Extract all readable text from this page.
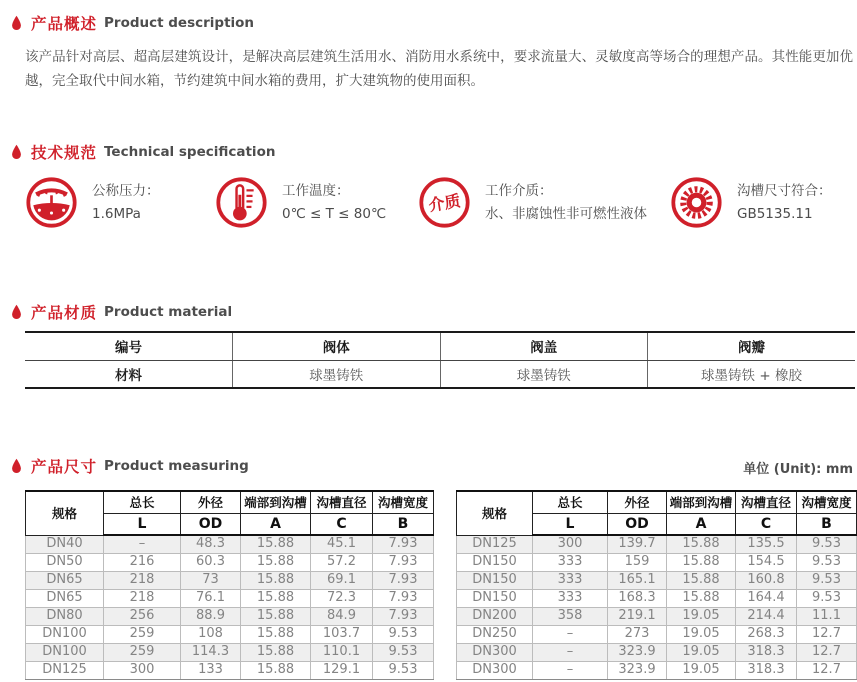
产品概述 Product description

该产品针对高层、超高层建筑设计，是解决高层建筑生活用水、消防用水系统中，要求流量大、灵敏度高等场合的理想产品。其性能更加优越，完全取代中间水箱，节约建筑中间水箱的费用，扩大建筑物的使用面积。

技术规范 Technical specification
公称压力：
1.6MPa
工作温度：
0℃ ≤ T ≤ 80℃	介质
工作介质：
水、非腐蚀性非可燃性液体
沟槽尺寸符合：
GB5135.11
产品材质 Product material
编号	阀体	阀盖	阀瓣
材料	球墨铸铁	球墨铸铁	球墨铸铁 + 橡胶
产品尺寸 Product measuring	单位 (Unit): mm
规格	总长	外径	端部到沟槽	沟槽直径	沟槽宽度
	L	OD	A	C	B
DN40	–	48.3	15.88	45.1	7.93
DN50	216	60.3	15.88	57.2	7.93
DN65	218	73	15.88	69.1	7.93
DN65	218	76.1	15.88	72.3	7.93
DN80	256	88.9	15.88	84.9	7.93
DN100	259	108	15.88	103.7	9.53
DN100	259	114.3	15.88	110.1	9.53
DN125	300	133	15.88	129.1	9.53
规格	总长	外径	端部到沟槽	沟槽直径	沟槽宽度
	L	OD	A	C	B
DN125	300	139.7	15.88	135.5	9.53
DN150	333	159	15.88	154.5	9.53
DN150	333	165.1	15.88	160.8	9.53
DN150	333	168.3	15.88	164.4	9.53
DN200	358	219.1	19.05	214.4	11.1
DN250	–	273	19.05	268.3	12.7
DN300	–	323.9	19.05	318.3	12.7
DN300	–	323.9	19.05	318.3	12.7
